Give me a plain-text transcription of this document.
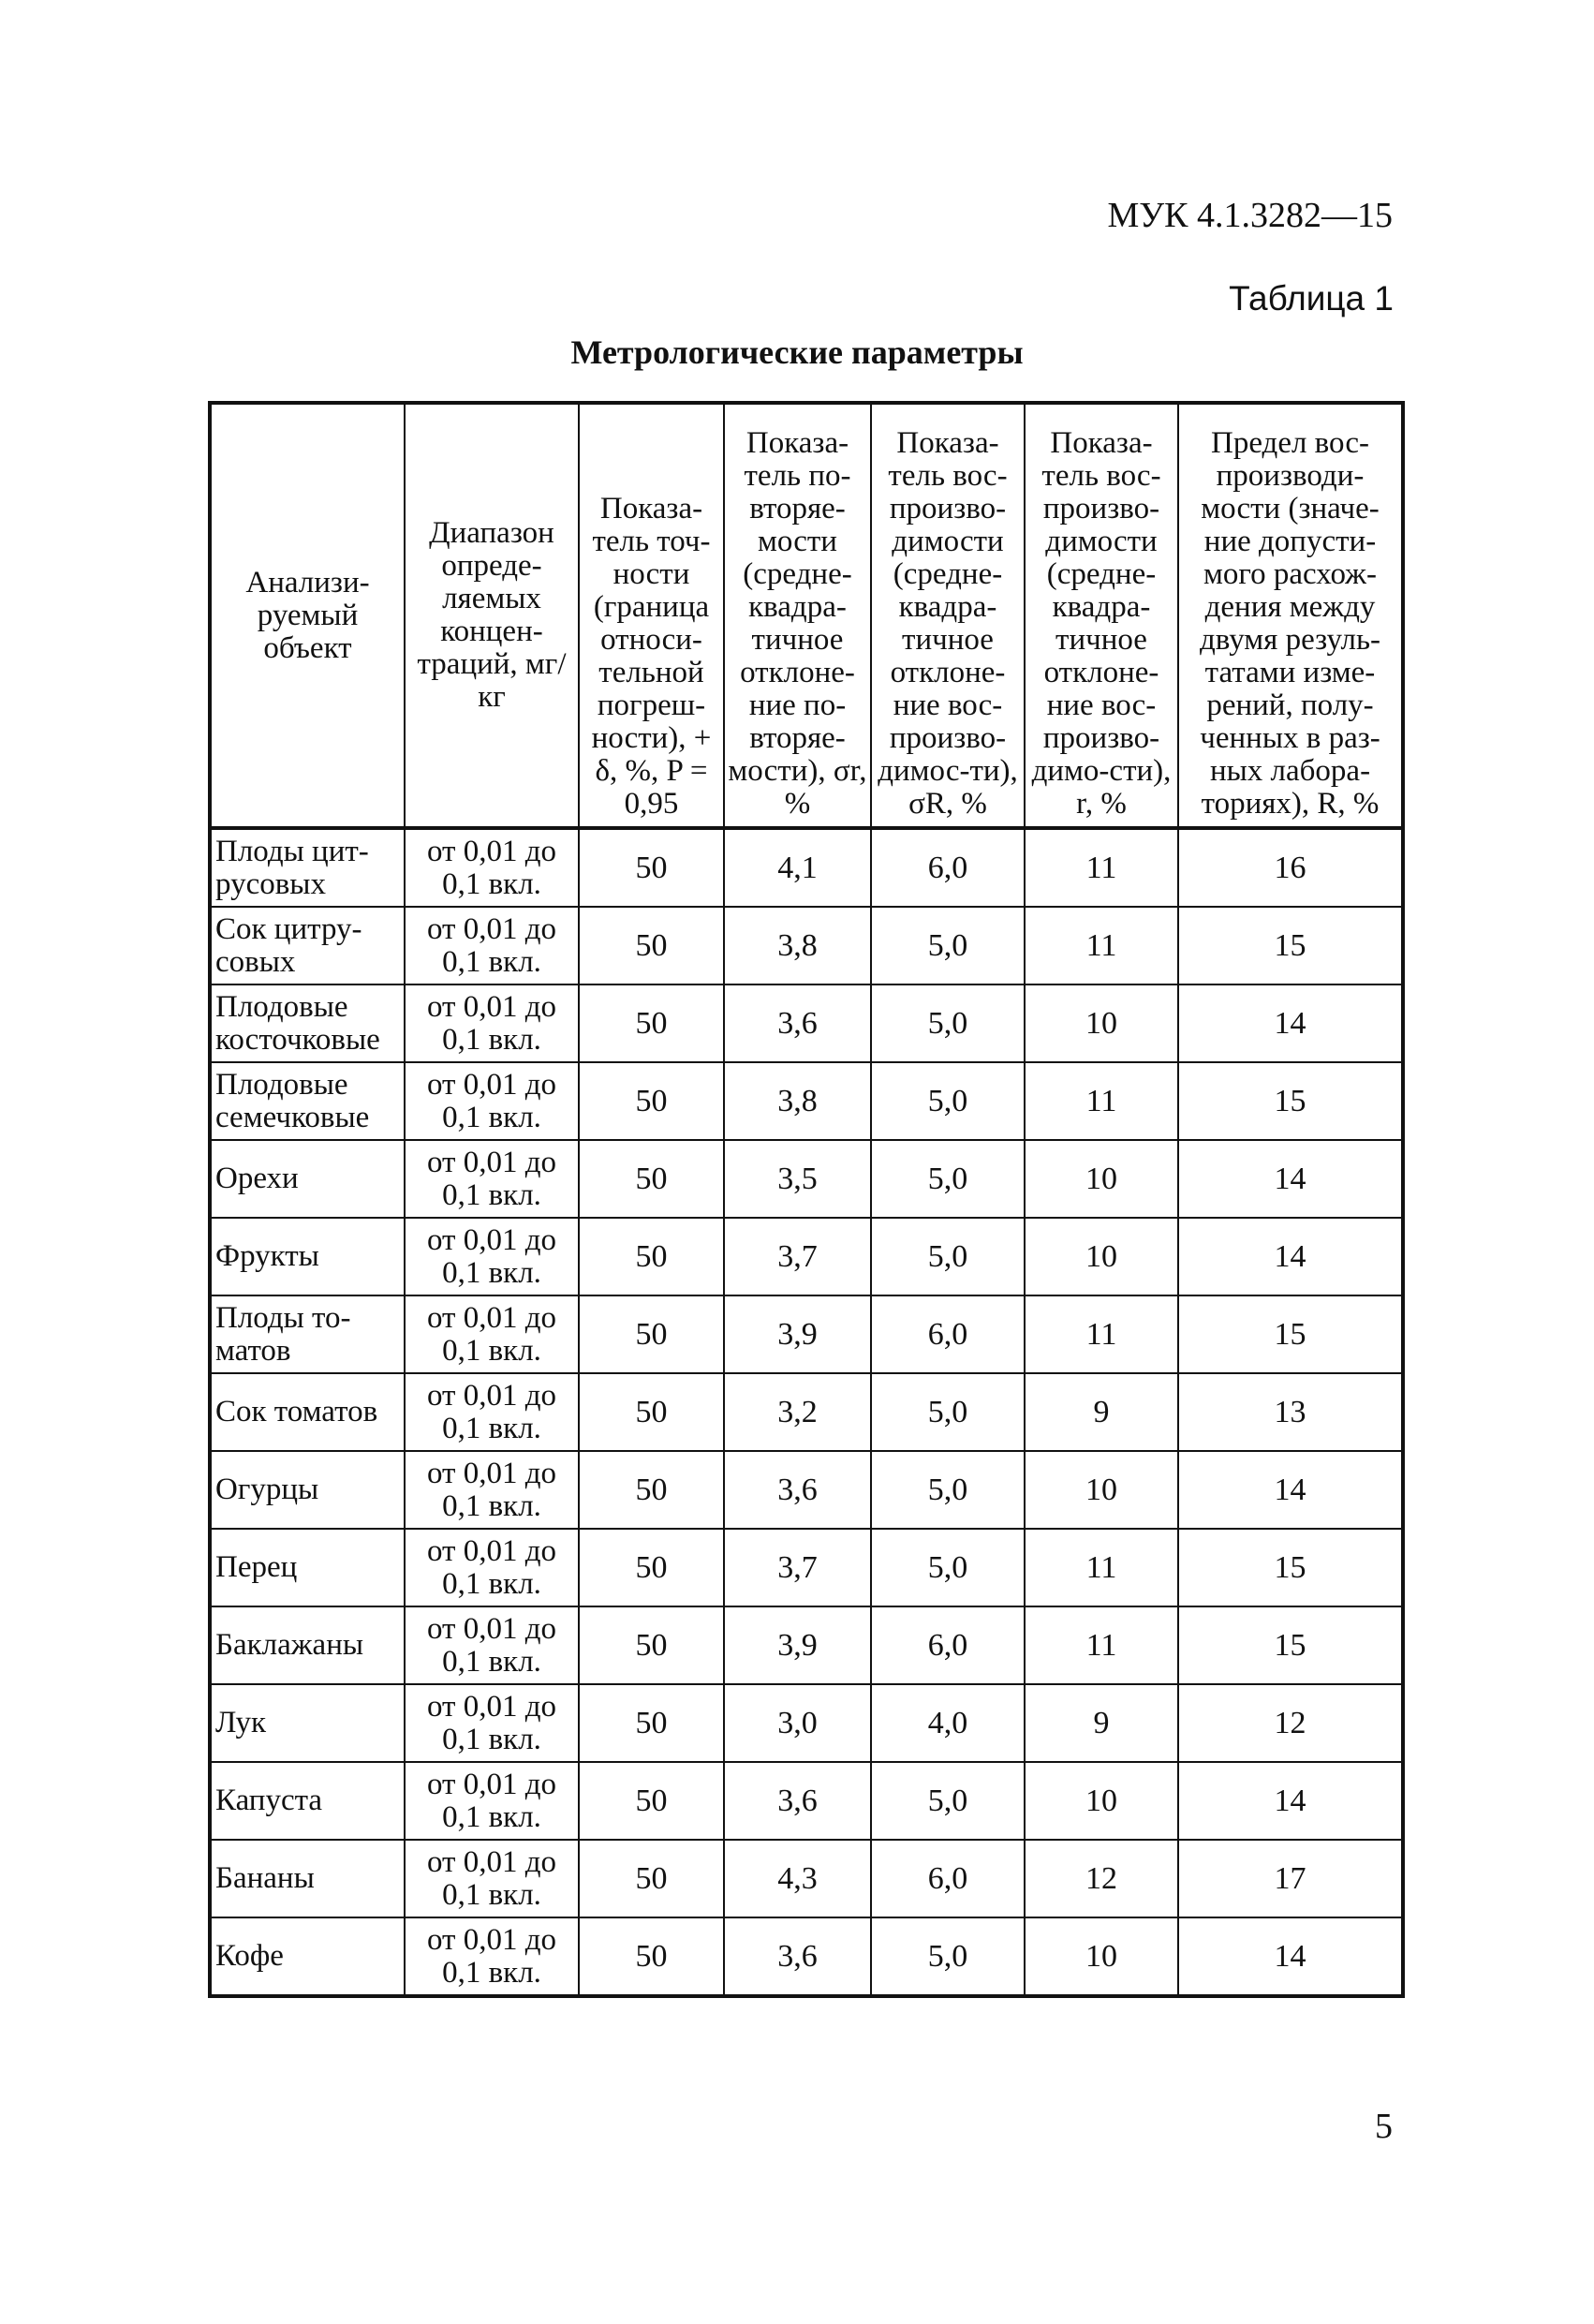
МУК 4.1.3282—15
Таблица 1
Метрологические параметры
Анализи-руемый объект	Диапазон опреде-ляемых концен-траций, мг/кг	Показа-тель точ-ности (граница относи-тельной погреш-ности), + δ, %, P = 0,95	Показа-тель по-вторяе-мости (средне-квадра-тичное отклоне-ние по-вторяе-мости), σr, %	Показа-тель вос-произво-димости (средне-квадра-тичное отклоне-ние вос-произво-димос-ти), σR, %	Показа-тель вос-произво-димости (средне-квадра-тичное отклоне-ние вос-произво-димо-сти), r, %	Предел вос-производи-мости (значе-ние допусти-мого расхож-дения между двумя резуль-татами изме-рений, полу-ченных в раз-ных лабора-ториях), R, %
Плоды цит-русовых	от 0,01 до 0,1 вкл.	50	4,1	6,0	11	16
Сок цитру-совых	от 0,01 до 0,1 вкл.	50	3,8	5,0	11	15
Плодовые косточковые	от 0,01 до 0,1 вкл.	50	3,6	5,0	10	14
Плодовые семечковые	от 0,01 до 0,1 вкл.	50	3,8	5,0	11	15
Орехи	от 0,01 до 0,1 вкл.	50	3,5	5,0	10	14
Фрукты	от 0,01 до 0,1 вкл.	50	3,7	5,0	10	14
Плоды то-матов	от 0,01 до 0,1 вкл.	50	3,9	6,0	11	15
Сок томатов	от 0,01 до 0,1 вкл.	50	3,2	5,0	9	13
Огурцы	от 0,01 до 0,1 вкл.	50	3,6	5,0	10	14
Перец	от 0,01 до 0,1 вкл.	50	3,7	5,0	11	15
Баклажаны	от 0,01 до 0,1 вкл.	50	3,9	6,0	11	15
Лук	от 0,01 до 0,1 вкл.	50	3,0	4,0	9	12
Капуста	от 0,01 до 0,1 вкл.	50	3,6	5,0	10	14
Бананы	от 0,01 до 0,1 вкл.	50	4,3	6,0	12	17
Кофе	от 0,01 до 0,1 вкл.	50	3,6	5,0	10	14
5
